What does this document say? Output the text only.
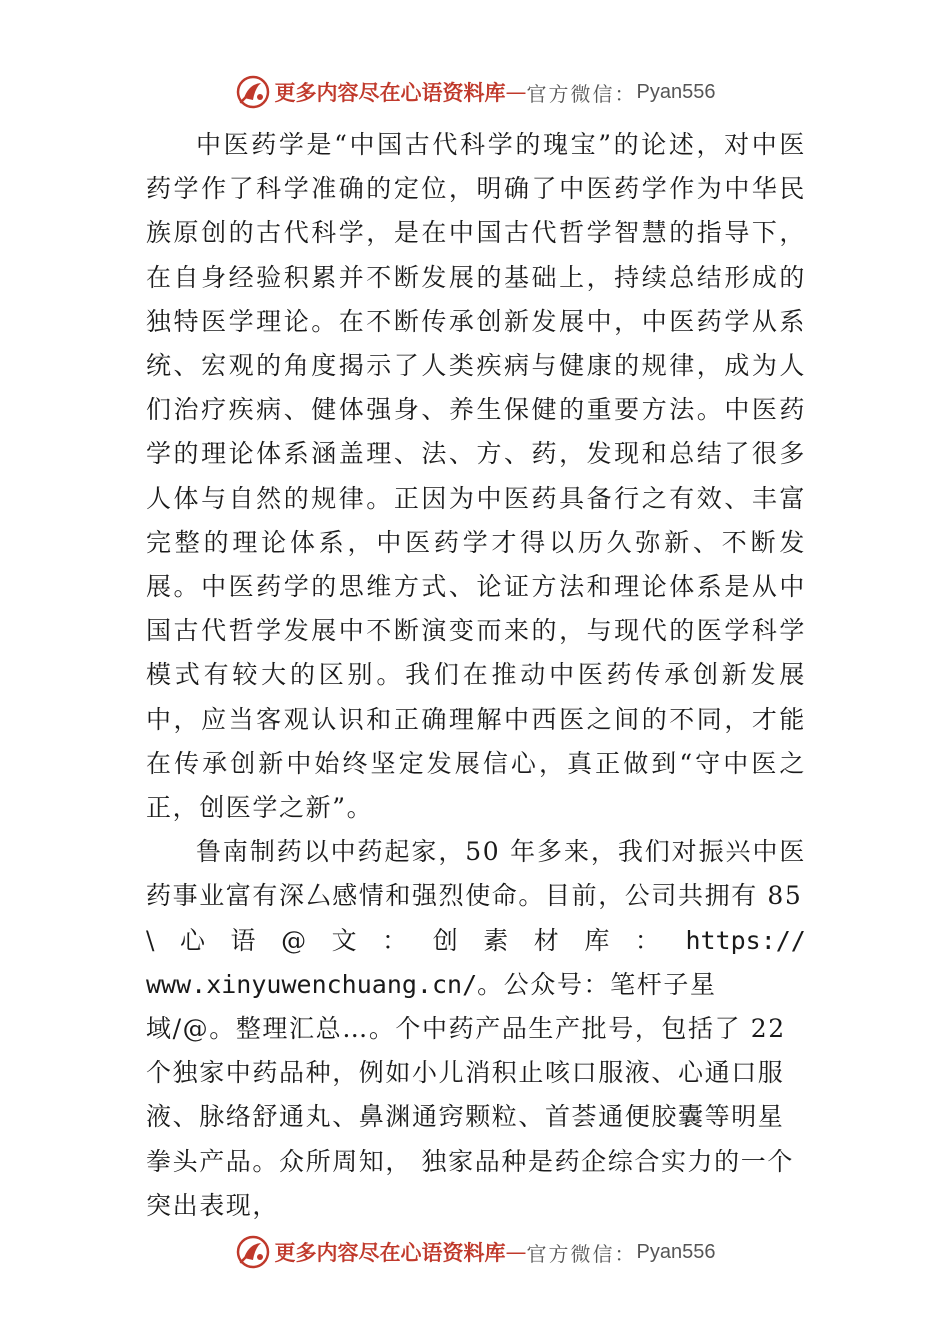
更多内容尽在心语资料库 — 官方微信： Pyan556

中医药学是“中国古代科学的瑰宝”的论述，对中医药学作了科学准确的定位，明确了中医药学作为中华民族原创的古代科学，是在中国古代哲学智慧的指导下，在自身经验积累并不断发展的基础上，持续总结形成的独特医学理论。在不断传承创新发展中，中医药学从系统、宏观的角度揭示了人类疾病与健康的规律，成为人们治疗疾病、健体强身、养生保健的重要方法。中医药学的理论体系涵盖理、法、方、药，发现和总结了很多人体与自然的规律。正因为中医药具备行之有效、丰富完整的理论体系，中医药学才得以历久弥新、不断发展。中医药学的思维方式、论证方法和理论体系是从中国古代哲学发展中不断演变而来的，与现代的医学科学模式有较大的区别。我们在推动中医药传承创新发展中，应当客观认识和正确理解中西医之间的不同，才能在传承创新中始终坚定发展信心，真正做到“守中医之正，创医学之新”。

鲁南制药以中药起家，50 年多来，我们对振兴中医药事业富有深厶感情和强烈使命。目前，公司共拥有 85

\ 心 语 @ 文 ： 创 素 材 库 ： https://
www.xinyuwenchuang.cn/。公众号：笔杆子星域/@。整理汇总…。个中药产品生产批号，包括了 22 个独家中药品种，例如小儿消积止咳口服液、心通口服液、脉络舒通丸、鼻渊通窍颗粒、首荟通便胶囊等明星拳头产品。众所周知， 独家品种是药企综合实力的一个突出表现，
更多内容尽在心语资料库 — 官方微信： Pyan556
